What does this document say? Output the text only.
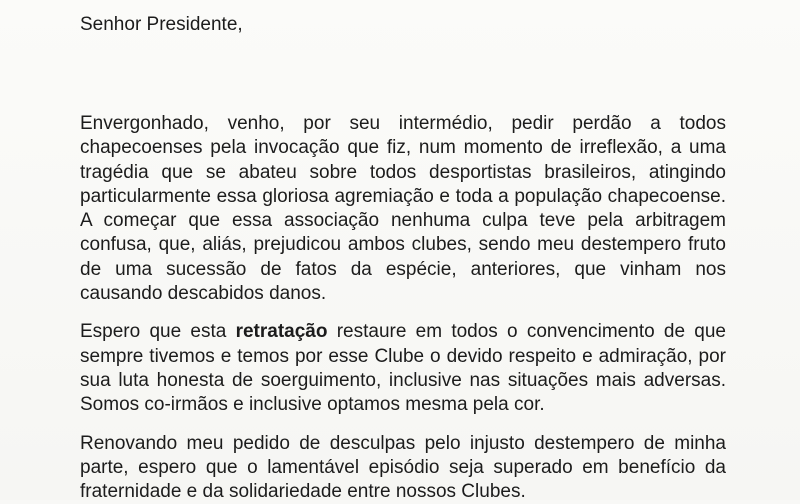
Senhor Presidente,

Envergonhado, venho, por seu intermédio, pedir perdão a todos chapecoenses pela invocação que fiz, num momento de irreflexão, a uma tragédia que se abateu sobre todos desportistas brasileiros, atingindo particularmente essa gloriosa agremiação e toda a população chapecoense. A começar que essa associação nenhuma culpa teve pela arbitragem confusa, que, aliás, prejudicou ambos clubes, sendo meu destempero fruto de uma sucessão de fatos da espécie, anteriores, que vinham nos causando descabidos danos.

Espero que esta retratação restaure em todos o convencimento de que sempre tivemos e temos por esse Clube o devido respeito e admiração, por sua luta honesta de soerguimento, inclusive nas situações mais adversas. Somos co-irmãos e inclusive optamos mesma pela cor.

Renovando meu pedido de desculpas pelo injusto destempero de minha parte, espero que o lamentável episódio seja superado em benefício da fraternidade e da solidariedade entre nossos Clubes.
